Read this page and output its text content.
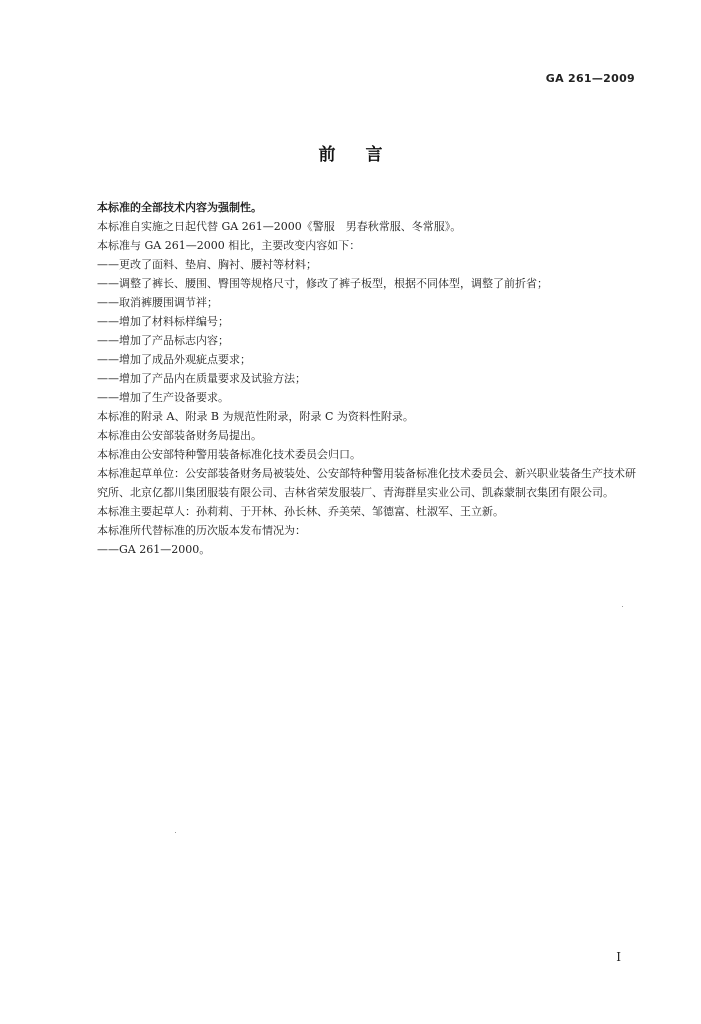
GA 261—2009
前言

本标准的全部技术内容为强制性。

本标准自实施之日起代替 GA 261—2000《警服　男春秋常服、冬常服》。

本标准与 GA 261—2000 相比，主要改变内容如下：

——更改了面料、垫肩、胸衬、腰衬等材料；

——调整了裤长、腰围、臀围等规格尺寸，修改了裤子板型，根据不同体型，调整了前折省；

——取消裤腰围调节袢；

——增加了材料标样编号；

——增加了产品标志内容；

——增加了成品外观疵点要求；

——增加了产品内在质量要求及试验方法；

——增加了生产设备要求。

本标准的附录 A、附录 B 为规范性附录，附录 C 为资料性附录。

本标准由公安部装备财务局提出。

本标准由公安部特种警用装备标准化技术委员会归口。

本标准起草单位：公安部装备财务局被装处、公安部特种警用装备标准化技术委员会、新兴职业装备生产技术研究所、北京亿都川集团服装有限公司、吉林省荣发服装厂、青海群星实业公司、凯森蒙制衣集团有限公司。

本标准主要起草人：孙莉莉、于开林、孙长林、乔美荣、邹德富、杜淑军、王立新。

本标准所代替标准的历次版本发布情况为：

——GA 261—2000。

I
